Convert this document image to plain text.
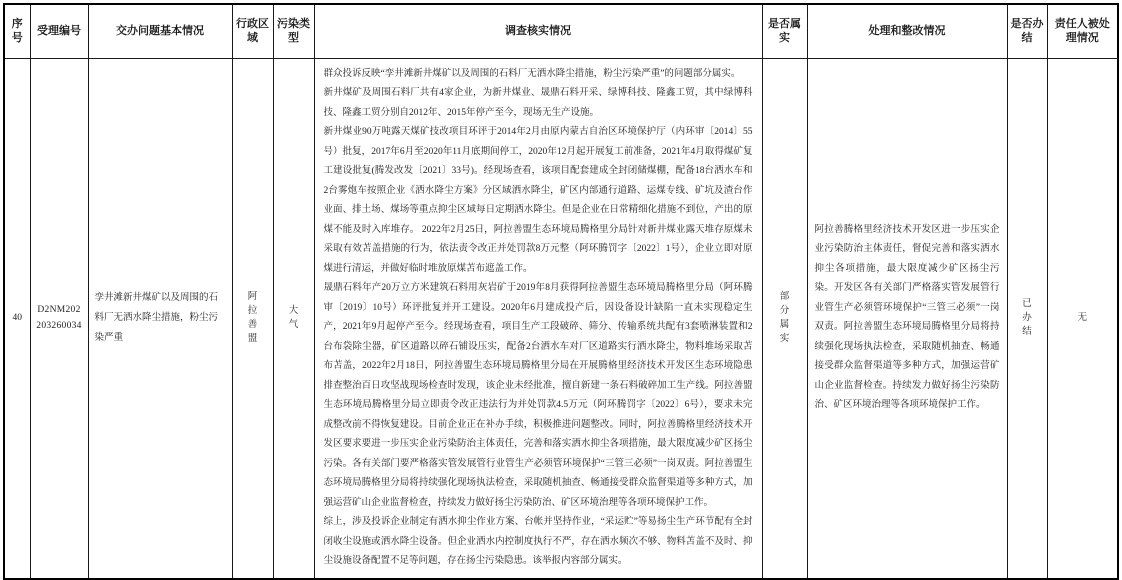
序号	受理编号	交办问题基本情况	行政区域	污染类型	调查核实情况	是否属实	处理和整改情况	是否办结	责任人被处理情况
40	D2NM202203260034	孪井滩新井煤矿以及周围的石料厂无洒水降尘措施，粉尘污染严重	阿拉善盟	大气	群众投诉反映“孪井滩新井煤矿以及周围的石料厂无洒水降尘措施，粉尘污染严重”的问题部分属实。

新井煤矿及周围石料厂共有4家企业，为新井煤业、晟鼎石料开采、绿博科技、隆鑫工贸，其中绿博科技、隆鑫工贸分别自2012年、2015年停产至今，现场无生产设施。

新井煤业90万吨露天煤矿技改项目环评于2014年2月由原内蒙古自治区环境保护厅（内环审〔2014〕55号）批复，2017年6月至2020年11月底期间停工，2020年12月起开展复工前准备，2021年4月取得煤矿复工建设批复(腾发改发〔2021〕33号)。经现场查看，该项目配套建成全封闭储煤棚，配备18台洒水车和2台雾炮车按照企业《洒水降尘方案》分区域洒水降尘，矿区内部通行道路、运煤专线、矿坑及渣台作业面、排土场、煤场等重点抑尘区域每日定期洒水降尘。但是企业在日常精细化措施不到位，产出的原煤不能及时入库堆存。 2022年2月25日，阿拉善盟生态环境局腾格里分局针对新井煤业露天堆存原煤未采取有效苫盖措施的行为，依法责令改正并处罚款8万元整（阿环腾罚字〔2022〕1号），企业立即对原煤进行清运，并做好临时堆放原煤苫布遮盖工作。

晟鼎石料年产20万立方米建筑石料用灰岩矿于2019年8月获得阿拉善盟生态环境局腾格里分局（阿环腾审〔2019〕10号）环评批复并开工建设。2020年6月建成投产后，因设备设计缺陷一直未实现稳定生产，2021年9月起停产至今。经现场查看，项目生产工段破碎、筛分、传输系统共配有3套喷淋装置和2台布袋除尘器，矿区道路以碎石铺设压实，配备2台洒水车对厂区道路实行洒水降尘，物料堆场采取苫布苫盖，2022年2月18日，阿拉善盟生态环境局腾格里分局在开展腾格里经济技术开发区生态环境隐患排查整治百日攻坚战现场检查时发现，该企业未经批准，擅自新建一条石料破碎加工生产线。阿拉善盟生态环境局腾格里分局立即责令改正违法行为并处罚款4.5万元（阿环腾罚字〔2022〕6号），要求未完成整改前不得恢复建设。目前企业正在补办手续，积极推进问题整改。同时，阿拉善腾格里经济技术开发区要求要进一步压实企业污染防治主体责任，完善和落实洒水抑尘各项措施，最大限度减少矿区扬尘污染。各有关部门要严格落实管发展管行业管生产必须管环境保护“三管三必须”一岗双责。阿拉善盟生态环境局腾格里分局将持续强化现场执法检查，采取随机抽查、畅通接受群众监督渠道等多种方式，加强运营矿山企业监督检查，持续发力做好扬尘污染防治、矿区环境治理等各项环境保护工作。

综上，涉及投诉企业制定有洒水抑尘作业方案、台帐并坚持作业，“采运贮”等易扬尘生产环节配有全封闭收尘设施或洒水降尘设备。但企业洒水内控制度执行不严，存在洒水频次不够、物料苫盖不及时、抑尘设施设备配置不足等问题，存在扬尘污染隐患。该举报内容部分属实。	部分属实	阿拉善腾格里经济技术开发区进一步压实企业污染防治主体责任，督促完善和落实洒水抑尘各项措施，最大限度减少矿区扬尘污染。开发区各有关部门严格落实管发展管行业管生产必须管环境保护“三管三必须”一岗双责。阿拉善盟生态环境局腾格里分局将持续强化现场执法检查，采取随机抽查、畅通接受群众监督渠道等多种方式，加强运营矿山企业监督检查。持续发力做好扬尘污染防治、矿区环境治理等各项环境保护工作。	已办结	无
